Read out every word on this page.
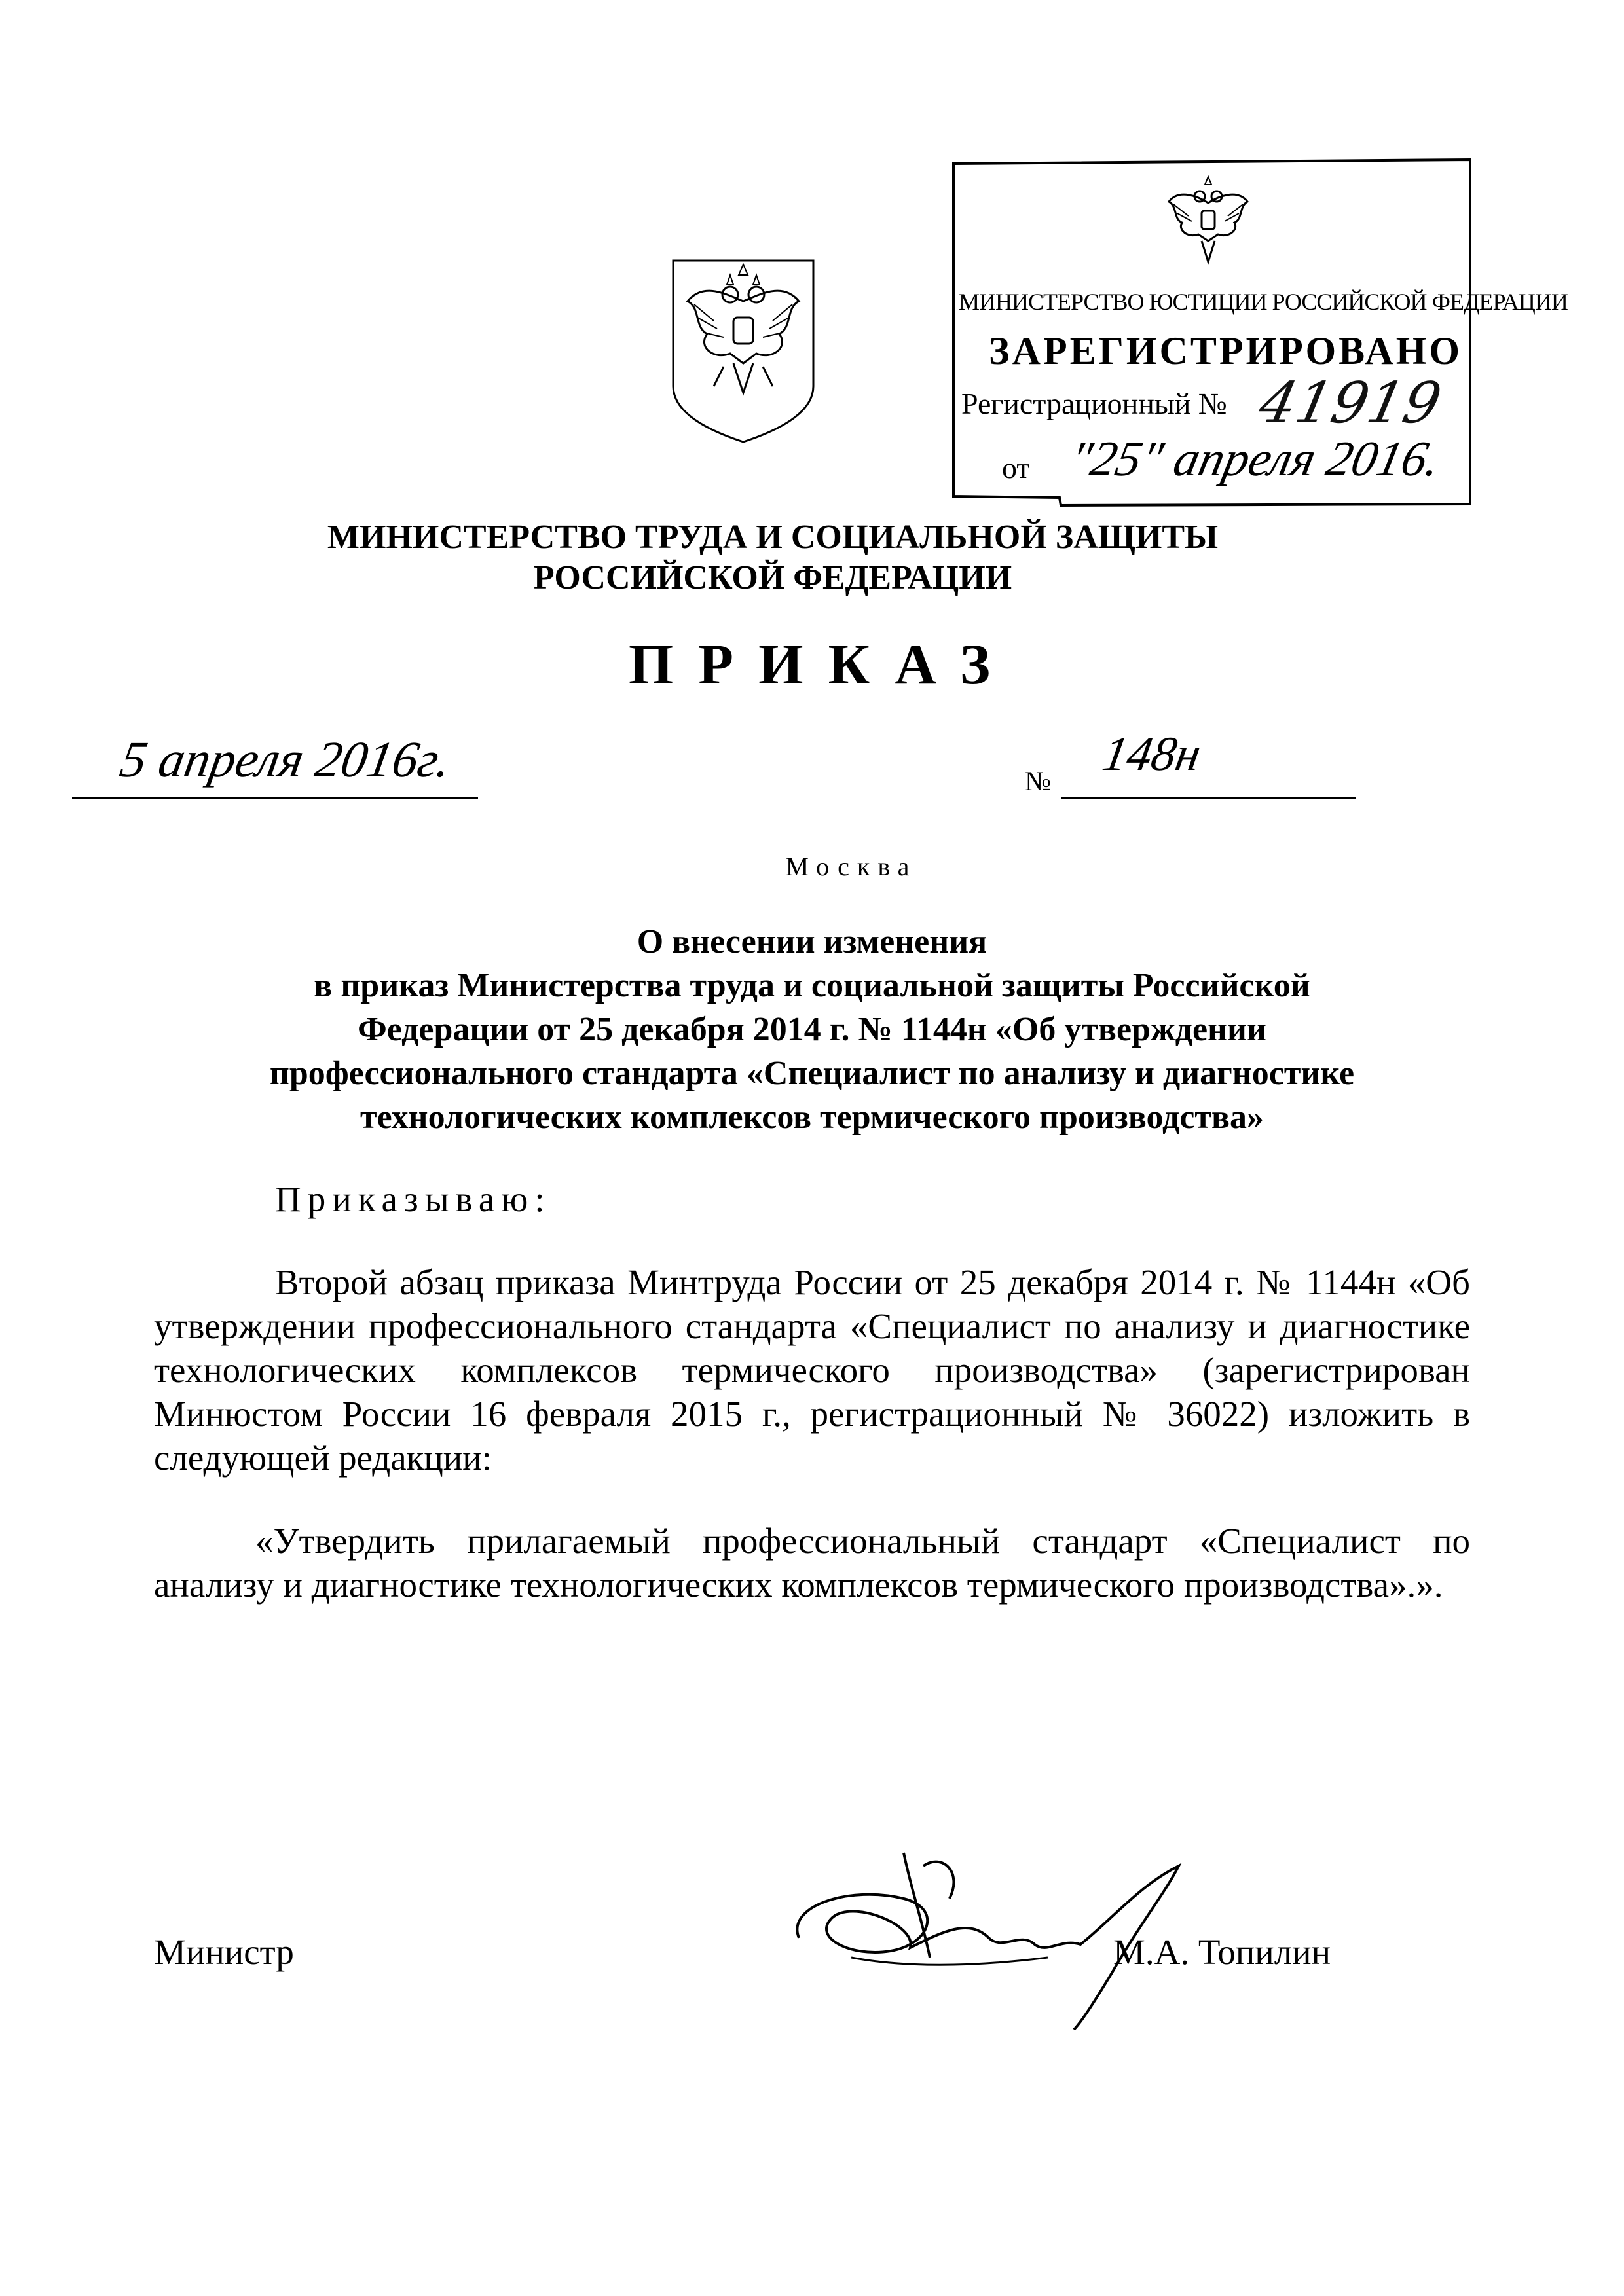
МИНИСТЕРСТВО ЮСТИЦИИ РОССИЙСКОЙ ФЕДЕРАЦИИ
ЗАРЕГИСТРИРОВАНО
Регистрационный № 41919
от "25" апреля 2016.
МИНИСТЕРСТВО ТРУДА И СОЦИАЛЬНОЙ ЗАЩИТЫ
РОССИЙСКОЙ ФЕДЕРАЦИИ
ПРИКАЗ
5 апреля 2016г.	№
148н
Москва
О внесении изменения
в приказ Министерства труда и социальной защиты Российской
Федерации от 25 декабря 2014 г. № 1144н «Об утверждении
профессионального стандарта «Специалист по анализу и диагностике
технологических комплексов термического производства»
Приказываю:
Второй абзац приказа Минтруда России от 25 декабря 2014 г. № 1144н «Об утверждении профессионального стандарта «Специалист по анализу и диагностике технологических комплексов термического производства» (зарегистрирован Минюстом России 16 февраля 2015 г., регистрационный № 36022) изложить в следующей редакции:
«Утвердить прилагаемый профессиональный стандарт «Специалист по анализу и диагностике технологических комплексов термического производства».».
Министр	М.А. Топилин
